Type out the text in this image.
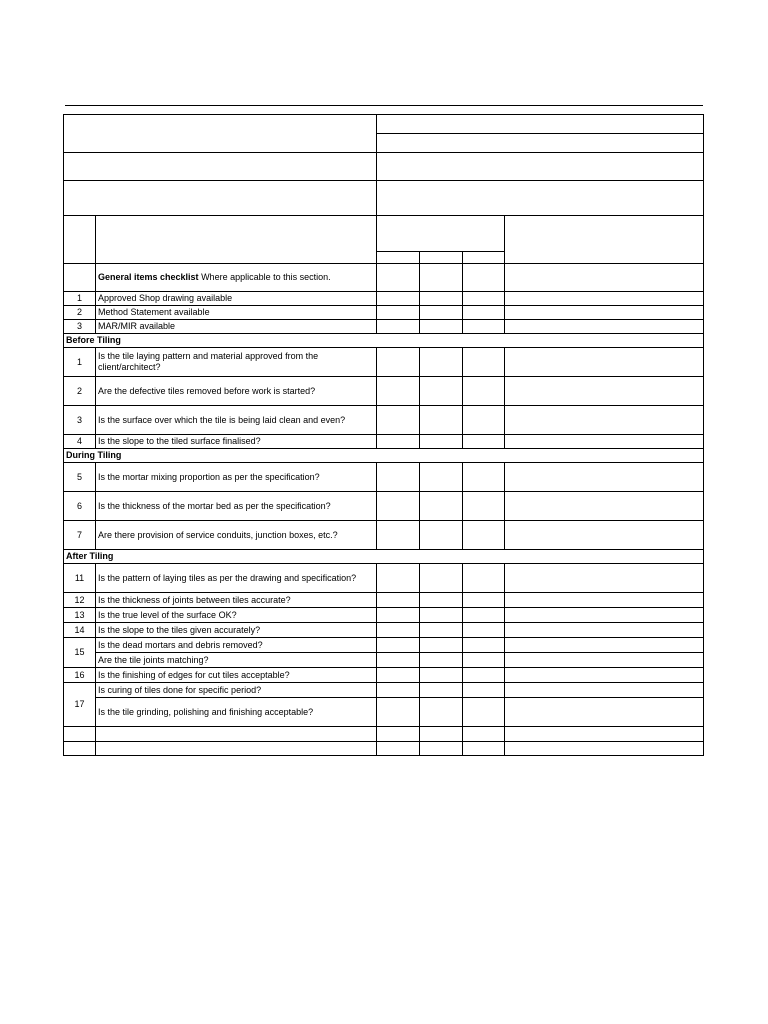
	General items checklist Where applicable to this section.				
1	Approved Shop drawing available				
2	Method Statement available				
3	MAR/MIR available				
Before Tiling					
1	Is the tile laying pattern and material approved from the client/architect?				
2	Are the defective tiles removed before work is started?				
3	Is the surface over which the tile is being laid clean and even?				
4	Is the slope to the tiled surface finalised?				
During Tiling					
5	Is the mortar mixing proportion as per the specification?				
6	Is the thickness of the mortar bed as per the specification?				
7	Are there provision of service conduits, junction boxes, etc.?				
After Tiling					
11	Is the pattern of laying tiles as per the drawing and specification?				
12	Is the thickness of joints between tiles accurate?				
13	Is the true level of the surface OK?				
14	Is the slope to the tiles given accurately?				
15	Is the dead mortars and debris removed?				
	Are the tile joints matching?				
16	Is the finishing of edges for cut tiles acceptable?				
17	Is curing of tiles done for specific period?				
	Is the tile grinding, polishing and finishing acceptable?				
